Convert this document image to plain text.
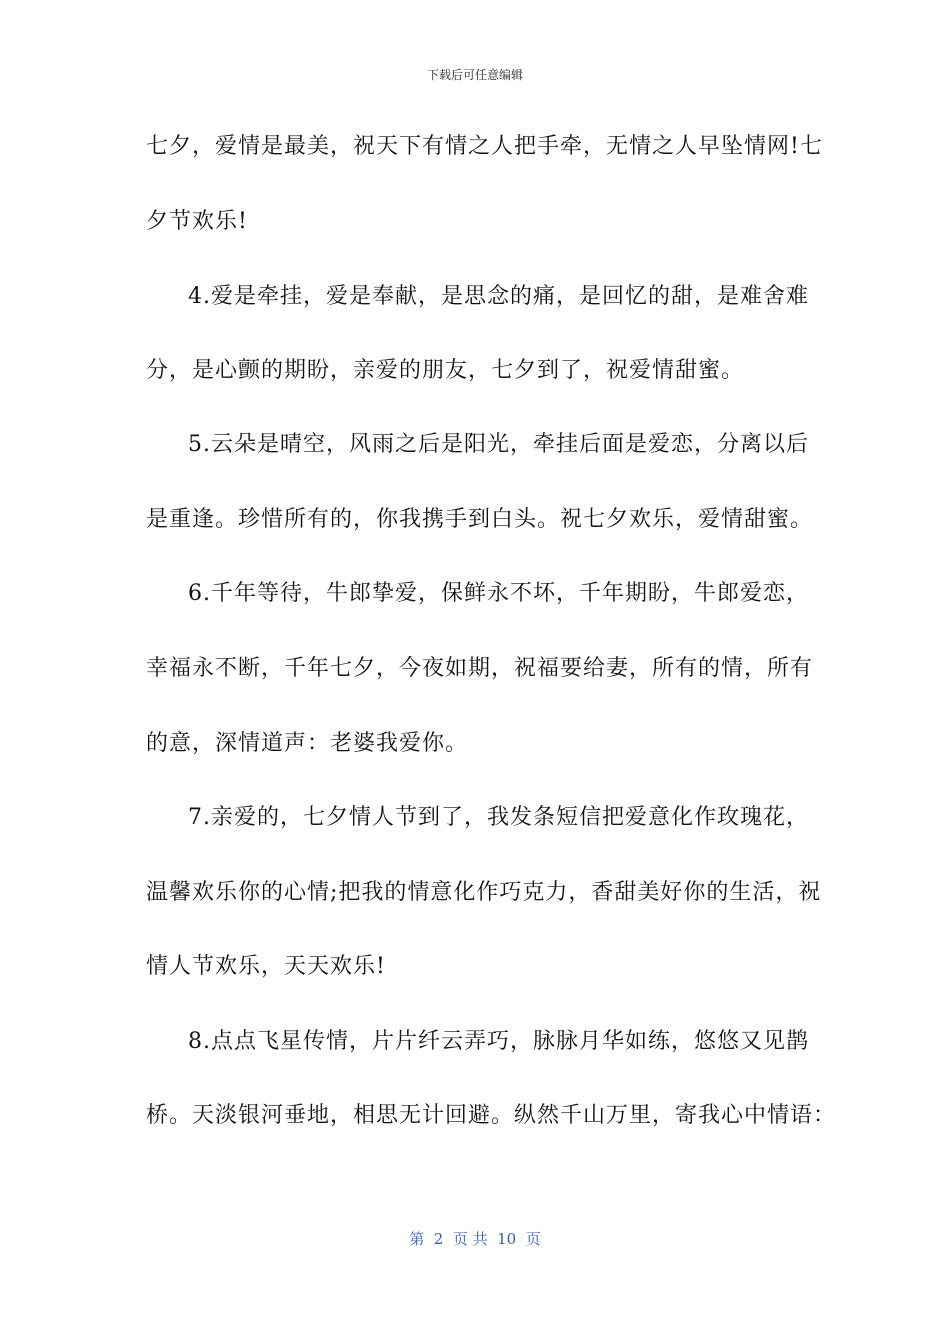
下载后可任意编辑
七夕，爱情是最美，祝天下有情之人把手牵，无情之人早坠情网!七
夕节欢乐!
4.爱是牵挂，爱是奉献，是思念的痛，是回忆的甜，是难舍难
分，是心颤的期盼，亲爱的朋友，七夕到了，祝爱情甜蜜。
5.云朵是晴空，风雨之后是阳光，牵挂后面是爱恋，分离以后
是重逢。珍惜所有的，你我携手到白头。祝七夕欢乐，爱情甜蜜。
6.千年等待，牛郎挚爱，保鲜永不坏，千年期盼，牛郎爱恋，
幸福永不断，千年七夕，今夜如期，祝福要给妻，所有的情，所有
的意，深情道声：老婆我爱你。
7.亲爱的，七夕情人节到了，我发条短信把爱意化作玫瑰花，
温馨欢乐你的心情;把我的情意化作巧克力，香甜美好你的生活，祝
情人节欢乐，天天欢乐!
8.点点飞星传情，片片纤云弄巧，脉脉月华如练，悠悠又见鹊
桥。天淡银河垂地，相思无计回避。纵然千山万里，寄我心中情语：
第  2  页 共  10  页
